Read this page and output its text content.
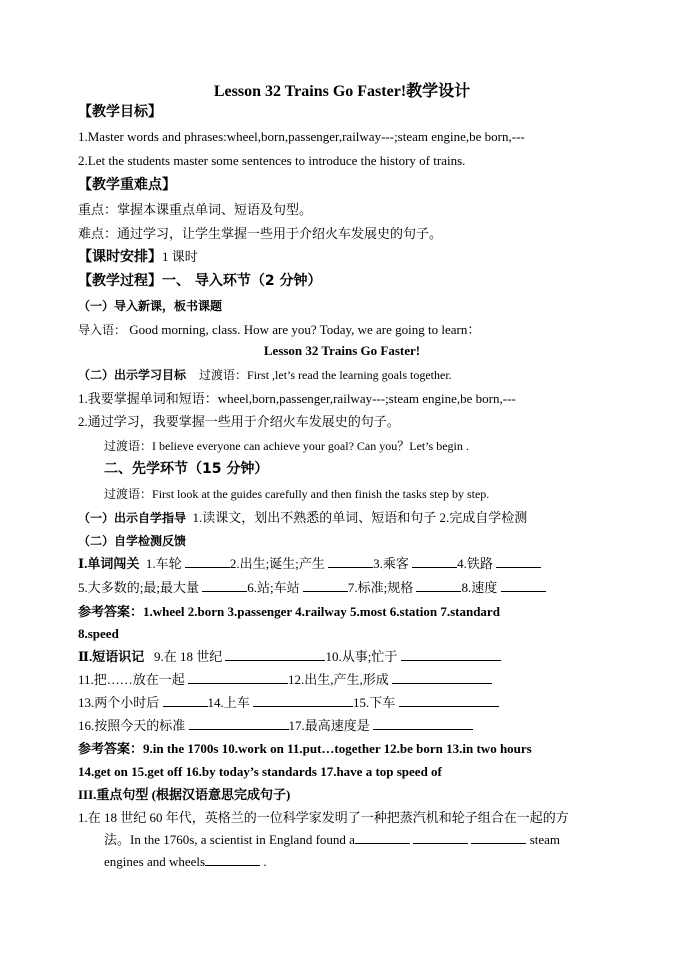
Lesson 32 Trains Go Faster!教学设计
【教学目标】
1.Master words and phrases:wheel,born,passenger,railway---;steam engine,be born,---
2.Let the students master some sentences to introduce the history of trains.
【教学重难点】
重点：掌握本课重点单词、短语及句型。
难点：通过学习，让学生掌握一些用于介绍火车发展史的句子。
【课时安排】1 课时
【教学过程】一、 导入环节（2 分钟）
（一）导入新课，板书课题
导入语： Good morning, class. How are you? Today, we are going to learn：
Lesson 32 Trains Go Faster!
（二）出示学习目标 过渡语：First ,let’s read the learning goals together.
1.我要掌握单词和短语：wheel,born,passenger,railway---;steam engine,be born,---
2.通过学习，我要掌握一些用于介绍火车发展史的句子。
过渡语：I believe everyone can achieve your goal? Can you？Let’s begin .
二、先学环节（15 分钟）
过渡语：First look at the guides carefully and then finish the tasks step by step.
（一）出示自学指导 1.读课文，划出不熟悉的单词、短语和句子 2.完成自学检测
（二）自学检测反馈
Ⅰ.单词闯关 1.车轮	2.出生;诞生;产生	3.乘客	4.铁路
5.大多数的;最;最大量	6.站;车站	7.标准;规格	8.速度
参考答案：1.wheel 2.born 3.passenger 4.railway 5.most 6.station 7.standard
8.speed
Ⅱ.短语识记 9.在 18 世纪	10.从事;忙于
11.把……放在一起	12.出生,产生,形成
13.两个小时后	14.上车	15.下车
16.按照今天的标准	17.最高速度是
参考答案：9.in the 1700s 10.work on 11.put…together 12.be born 13.in two hours
14.get on 15.get off 16.by today’s standards 17.have a top speed of
III.重点句型 (根据汉语意思完成句子)
1.在 18 世纪 60 年代，英格兰的一位科学家发明了一种把蒸汽机和轮子组合在一起的方
法。In the 1760s, a scientist in England found a	steam
engines and wheels	.
